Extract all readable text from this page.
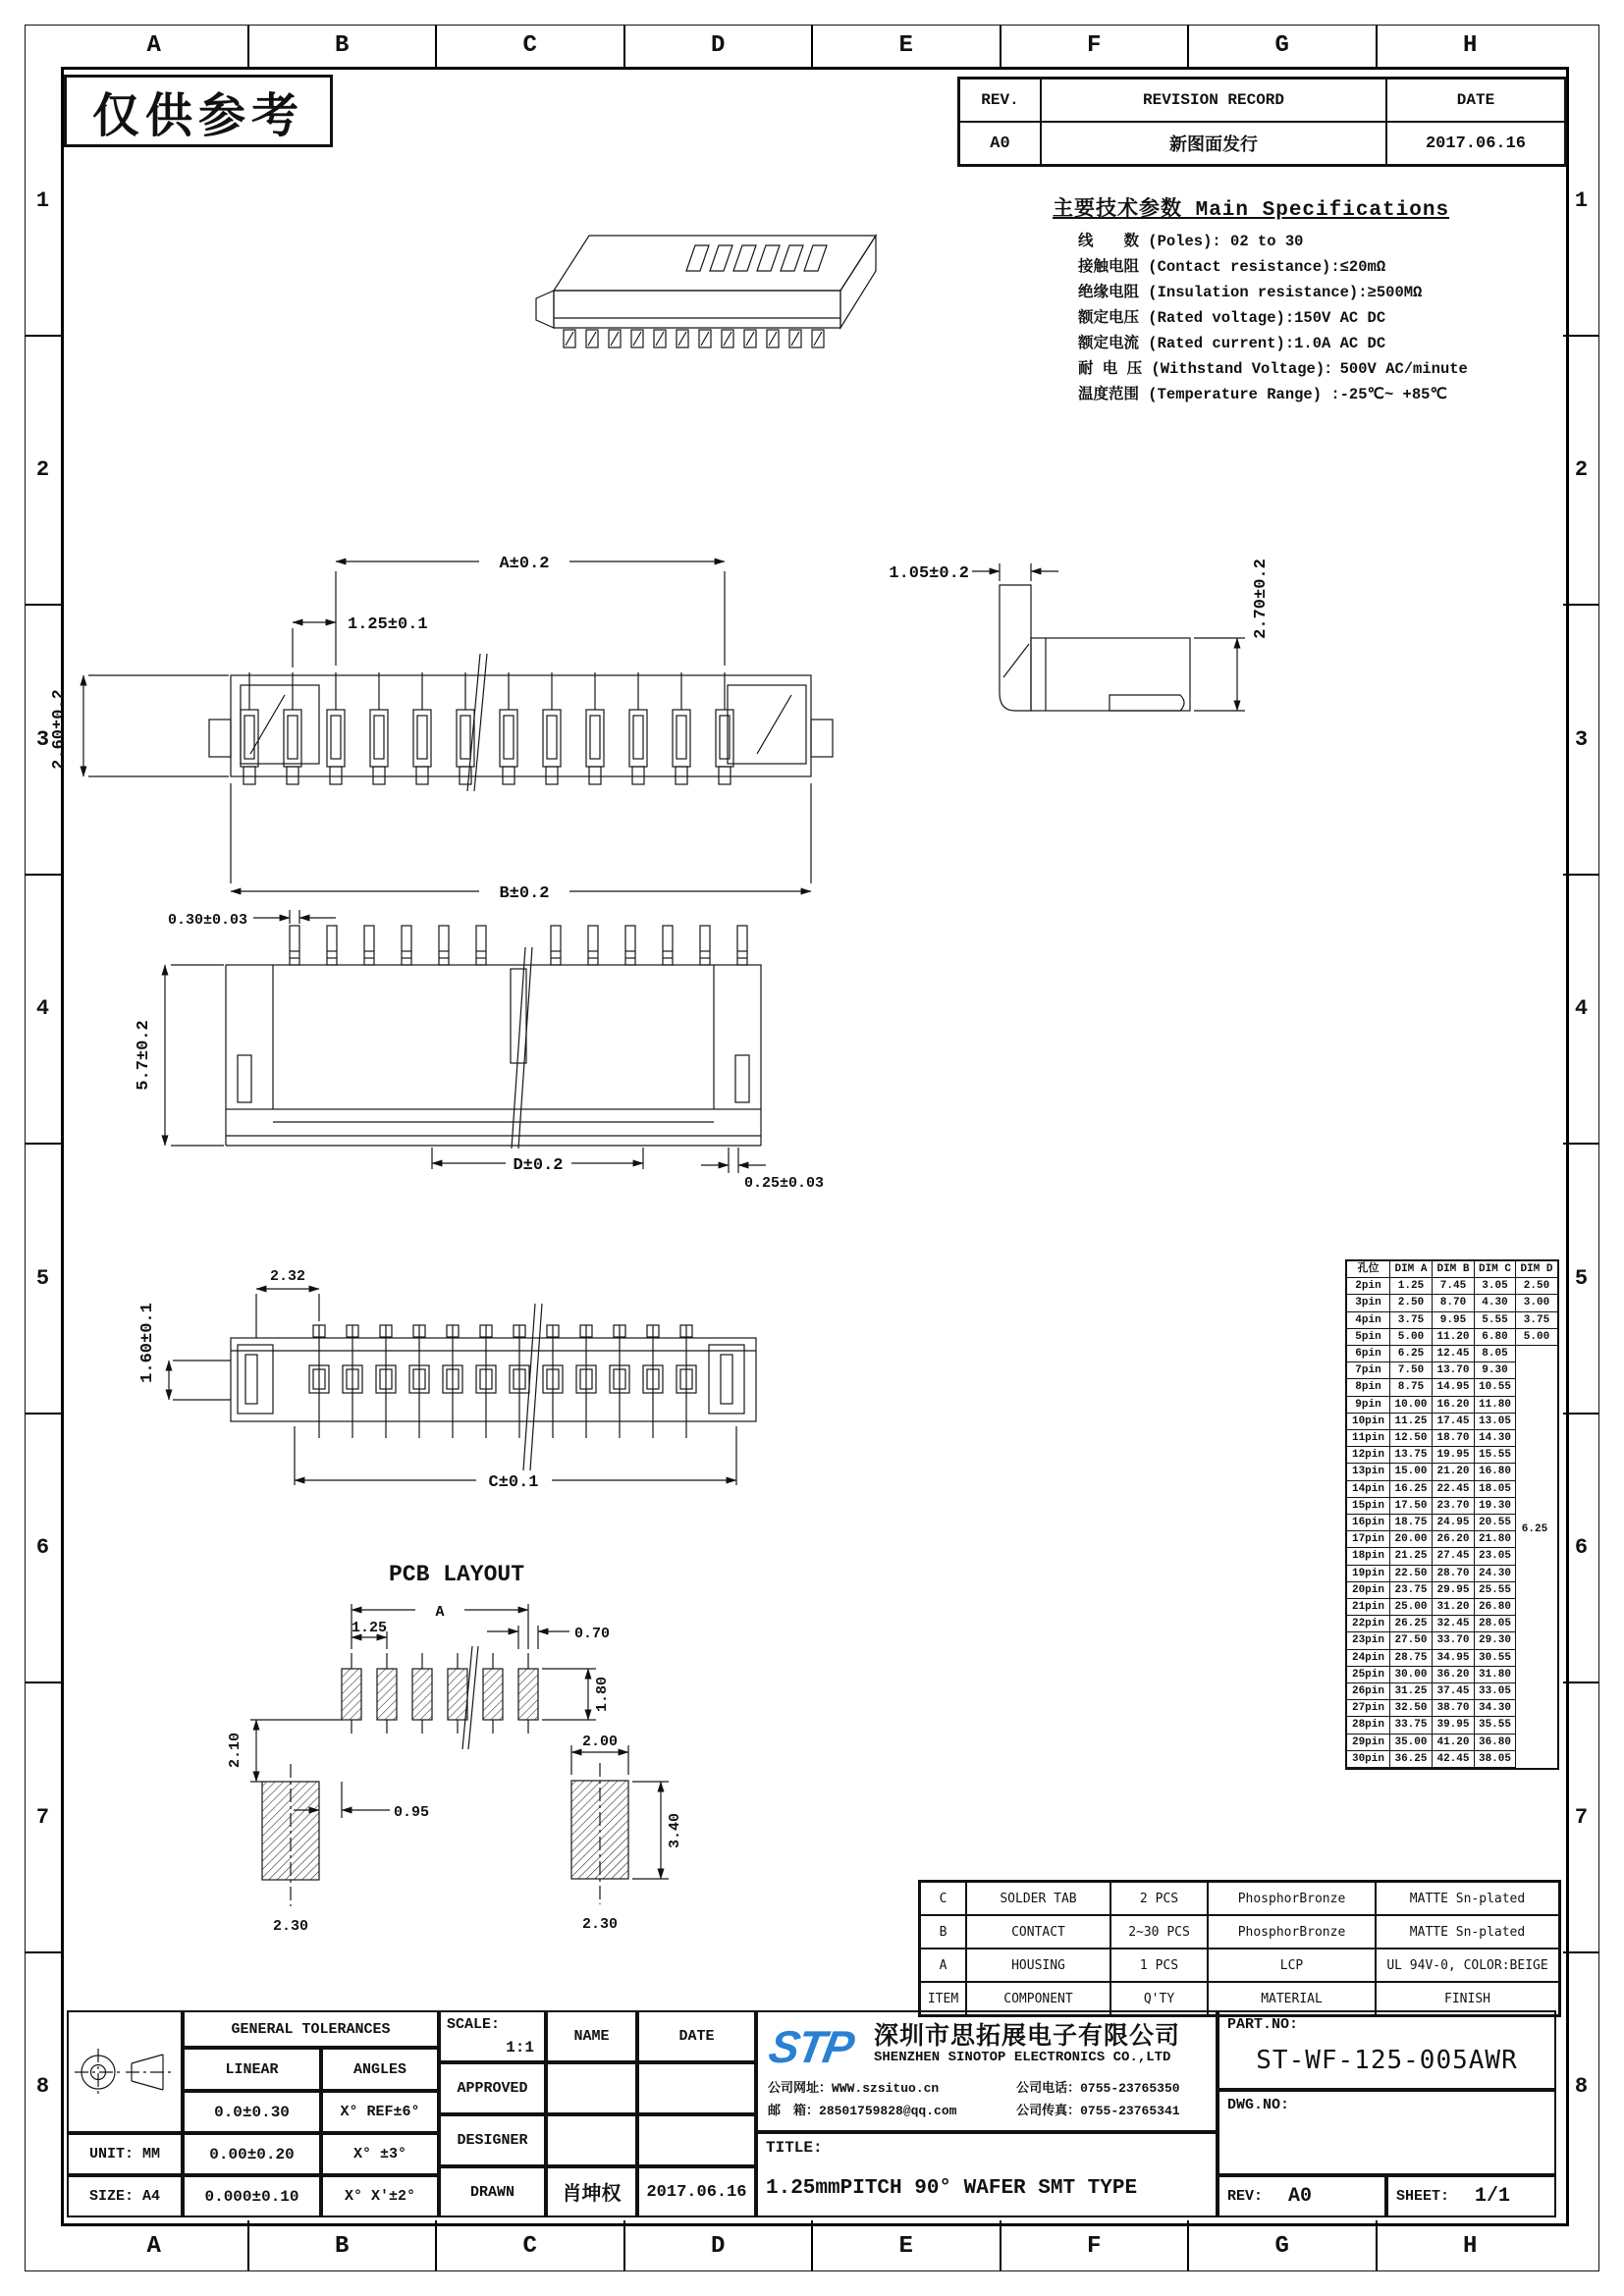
A	B	C	D	E	F	G	H
A	B	C	D	E	F	G	H
1
2
3
4
5
6
7
8
1
2
3
4
5
6
7
8
仅供参考	REV.	REVISION RECORD	DATE
A0	新图面发行	2017.06.16
主要技术参数 Main Specifications
线　　数 (Poles): 02 to 30
接触电阻 (Contact resistance):≤20mΩ
绝缘电阻 (Insulation resistance):≥500MΩ
额定电压 (Rated voltage):150V AC DC
额定电流 (Rated current):1.0A AC DC
耐 电 压 (Withstand Voltage)：500V AC/minute
温度范围 (Temperature Range) :-25℃~ +85℃
A±0.2
1.25±0.1
B±0.2
2.60±0.2
1.05±0.2	2.70±0.2
0.30±0.03
5.7±0.2
D±0.2
0.25±0.03
2.32
1.60±0.1
C±0.1
PCB LAYOUT
A
1.25	0.70
1.80
2.10
0.95
2.00
3.40
2.30	2.30
孔位	DIM A	DIM B	DIM C	DIM D
2pin	1.25	7.45	3.05	2.50
3pin	2.50	8.70	4.30	3.00
4pin	3.75	9.95	5.55	3.75
5pin	5.00	11.20	6.80	5.00
6pin	6.25	12.45	8.05	
7pin	7.50	13.70	9.30	
8pin	8.75	14.95	10.55	
9pin	10.00	16.20	11.80	
10pin	11.25	17.45	13.05	
11pin	12.50	18.70	14.30	
12pin	13.75	19.95	15.55	
13pin	15.00	21.20	16.80	
14pin	16.25	22.45	18.05	
15pin	17.50	23.70	19.30	
16pin	18.75	24.95	20.55	
17pin	20.00	26.20	21.80	
18pin	21.25	27.45	23.05	
19pin	22.50	28.70	24.30	
20pin	23.75	29.95	25.55	
21pin	25.00	31.20	26.80	
22pin	26.25	32.45	28.05	
23pin	27.50	33.70	29.30	
24pin	28.75	34.95	30.55	
25pin	30.00	36.20	31.80	
26pin	31.25	37.45	33.05	
27pin	32.50	38.70	34.30	
28pin	33.75	39.95	35.55	
29pin	35.00	41.20	36.80	
30pin	36.25	42.45	38.05	
6.25
C	SOLDER TAB	2 PCS	PhosphorBronze	MATTE Sn-plated
B	CONTACT	2~30 PCS	PhosphorBronze	MATTE Sn-plated
A	HOUSING	1 PCS	LCP	UL 94V-0, COLOR:BEIGE
ITEM	COMPONENT	Q'TY	MATERIAL	FINISH
GENERAL TOLERANCES
LINEAR	ANGLES
0.0±0.30	X° REF±6°
UNIT: MM	0.00±0.20	X° ±3°
SIZE: A4	0.000±0.10	X° X'±2°
SCALE:
1:1
NAME	DATE
APPROVED
DESIGNER
DRAWN	肖坤权	2017.06.16
STP 深圳市思拓展电子有限公司
SHENZHEN SINOTOP ELECTRONICS CO.,LTD
公司网址：WWW.szsituo.cn	公司电话：0755-23765350
邮　箱：28501759828@qq.com	公司传真：0755-23765341
TITLE:
1.25mmPITCH 90° WAFER SMT TYPE
PART.NO:
ST-WF-125-005AWR
DWG.NO:
REV: A0	SHEET: 1/1
